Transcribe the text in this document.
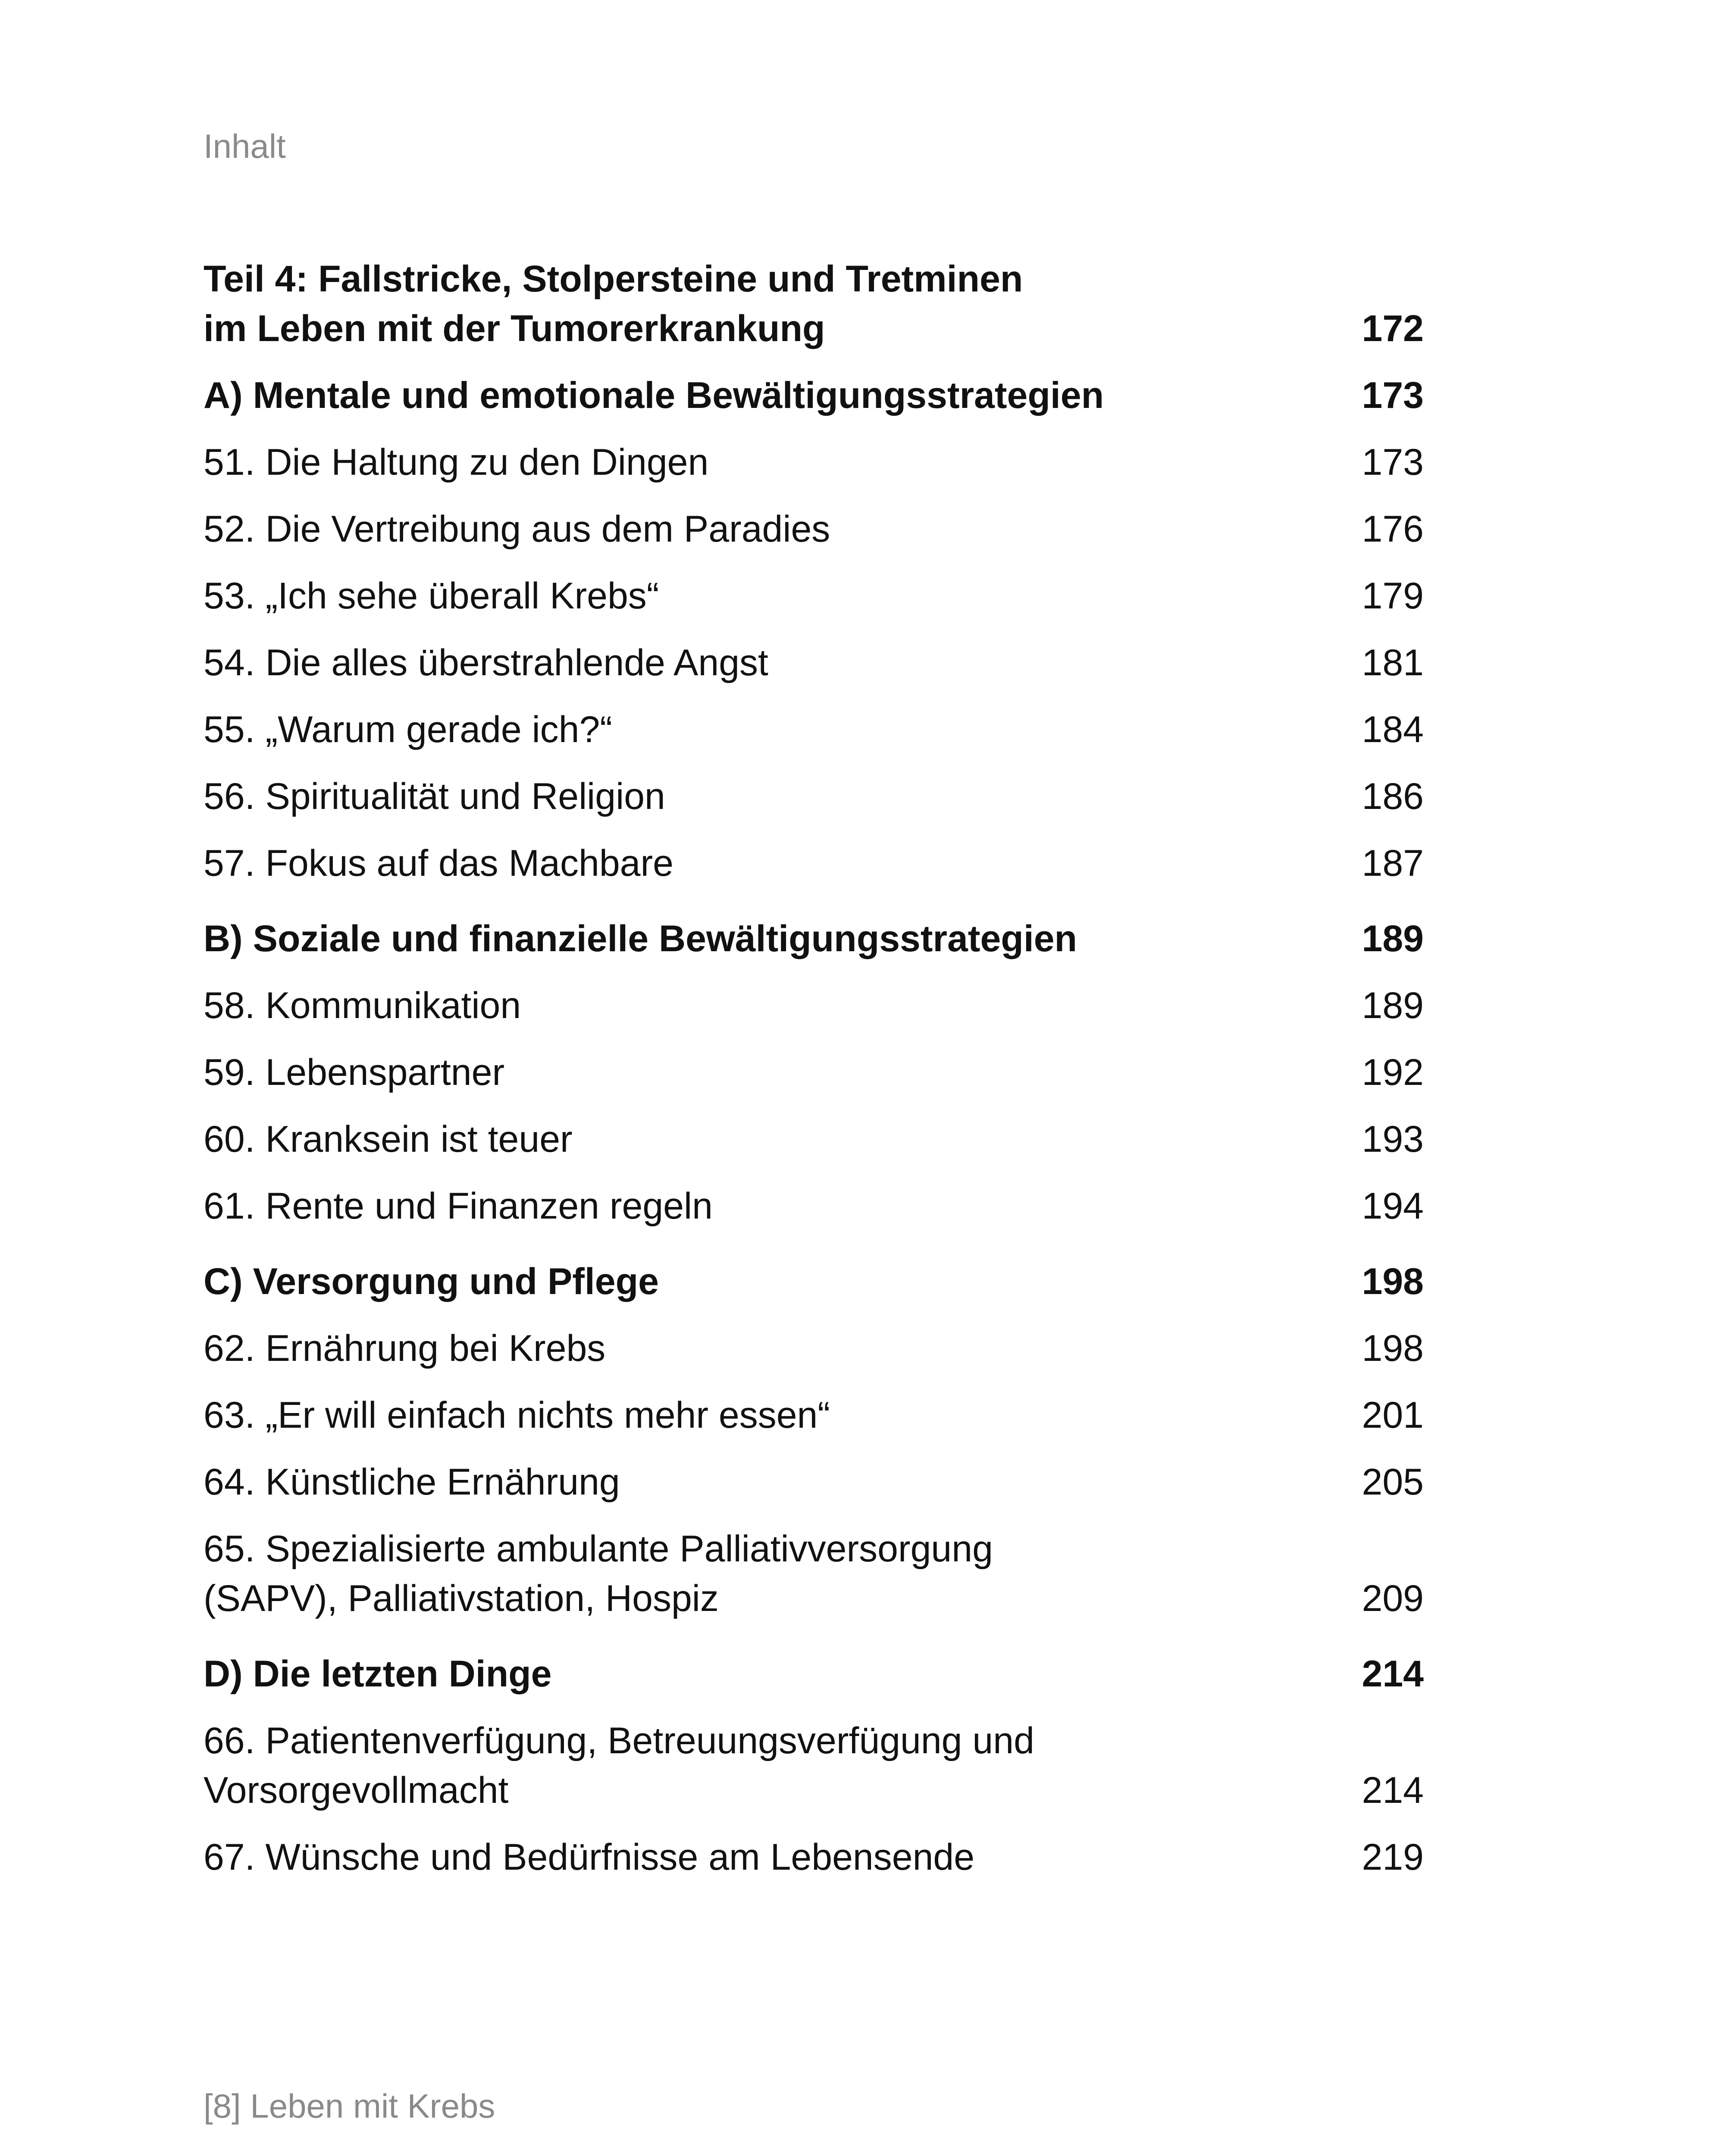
Inhalt
Teil 4: Fallstricke, Stolpersteine und Tretminen
im Leben mit der Tumorerkrankung	172
A) Mentale und emotionale Bewältigungsstrategien	173
51. Die Haltung zu den Dingen	173
52. Die Vertreibung aus dem Paradies	176
53. „Ich sehe überall Krebs“	179
54. Die alles überstrahlende Angst	181
55. „Warum gerade ich?“	184
56. Spiritualität und Religion	186
57. Fokus auf das Machbare	187
B) Soziale und finanzielle Bewältigungsstrategien	189
58. Kommunikation	189
59. Lebenspartner	192
60. Kranksein ist teuer	193
61. Rente und Finanzen regeln	194
C) Versorgung und Pflege	198
62. Ernährung bei Krebs	198
63. „Er will einfach nichts mehr essen“	201
64. Künstliche Ernährung	205
65. Spezialisierte ambulante Palliativversorgung
(SAPV), Palliativstation, Hospiz	209
D) Die letzten Dinge	214
66. Patientenverfügung, Betreuungsverfügung und
Vorsorgevollmacht	214
67. Wünsche und Bedürfnisse am Lebensende	219
[8] Leben mit Krebs
